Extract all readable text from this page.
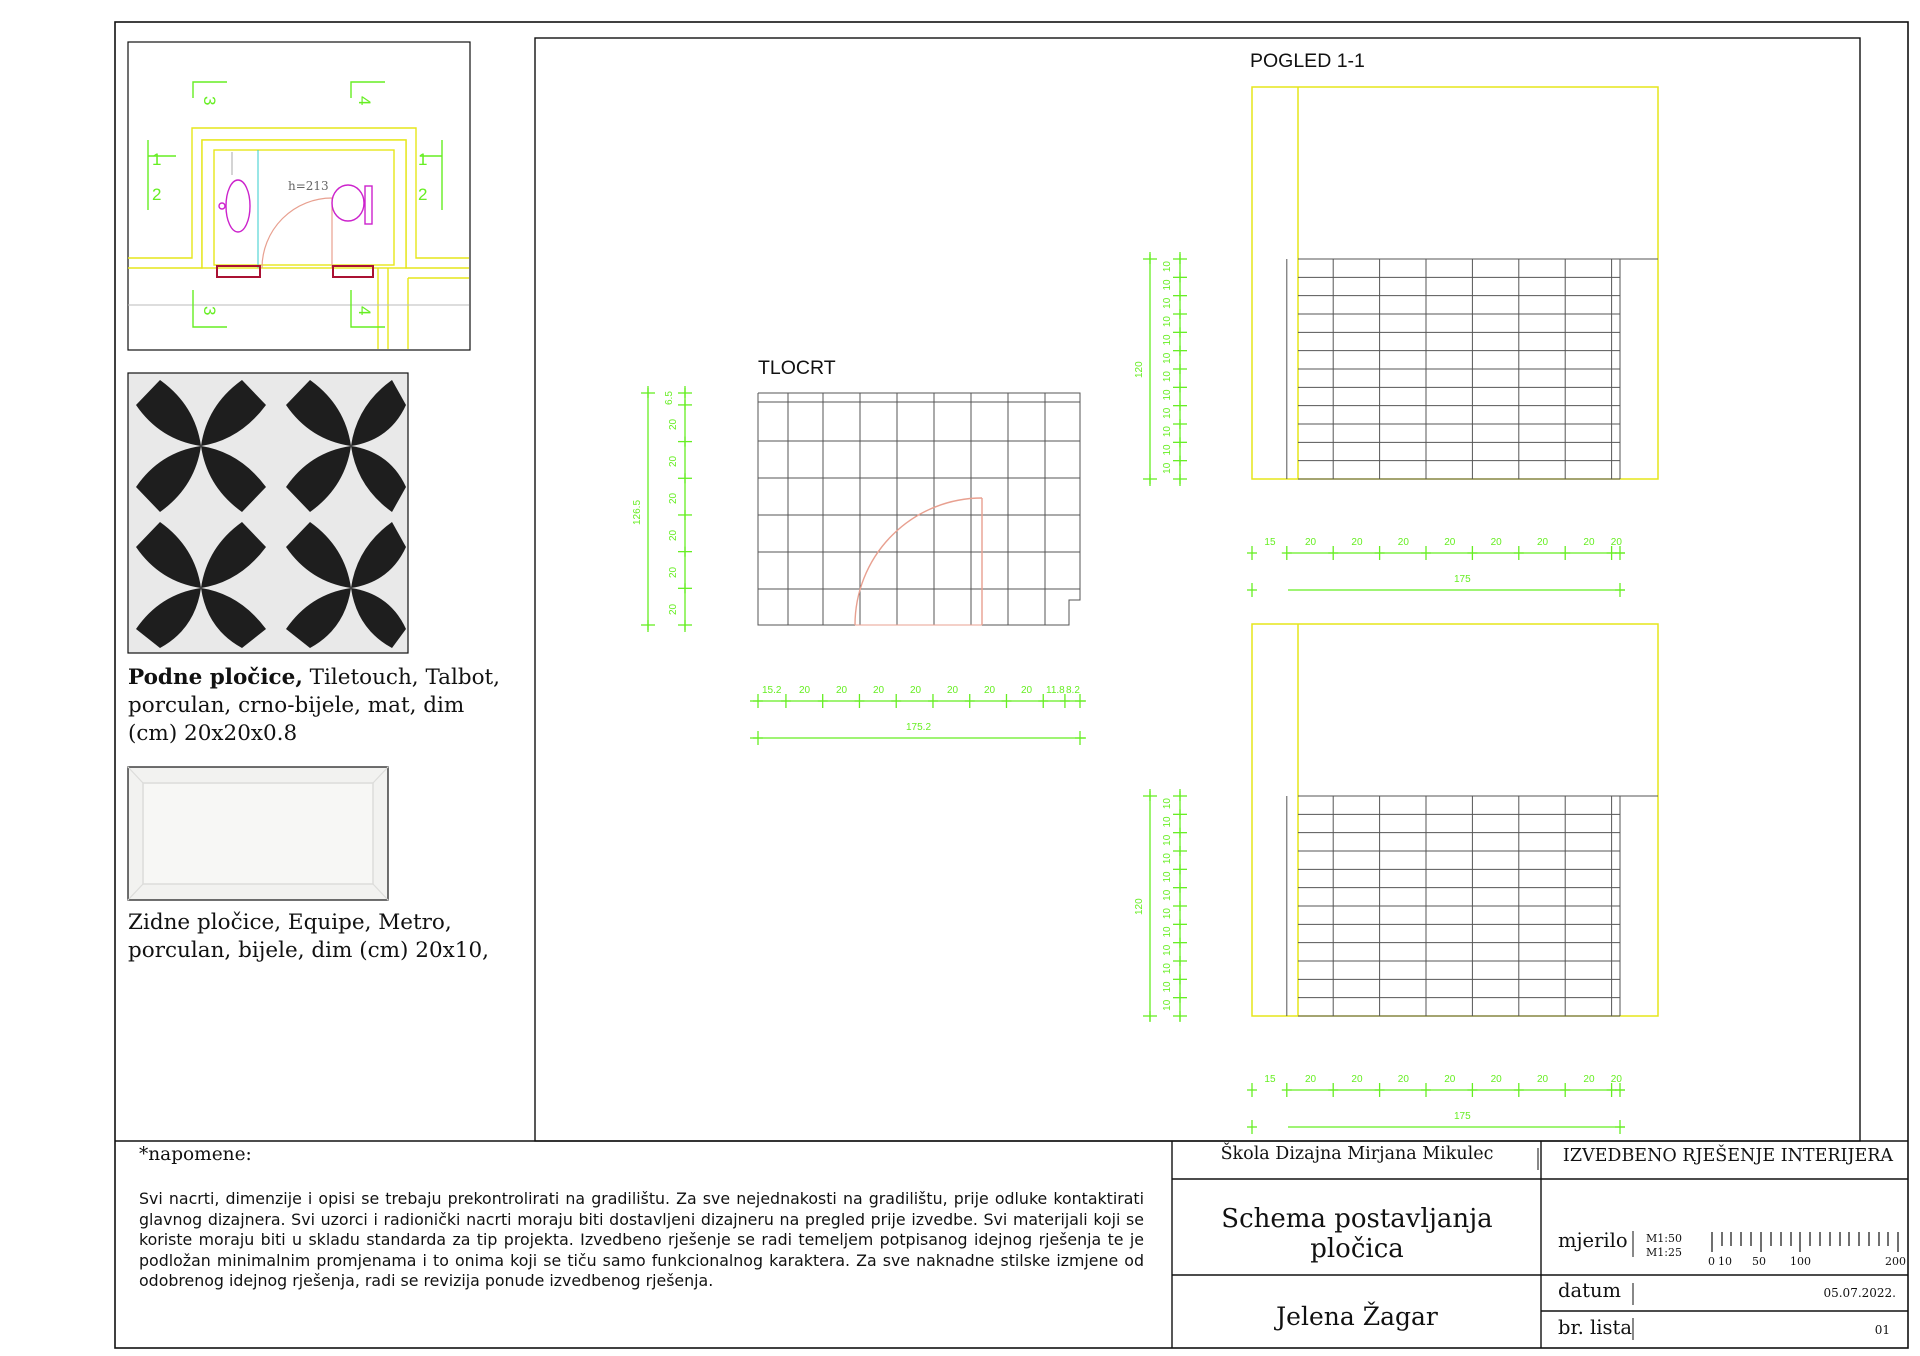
0 10 50 100	200
h=213
1
2
1
2
3	4
3	4
6.5
20
20
20
20
20
20
126.5
15.2 20	20	20	20	20	20	20 11.8 8.2
175.2
120
120
175
175
10
10
10
10
10
10
10
10
10
10
10
10
15	20	20	20	20	20	20	20 20
10
10
10
10
10
10
10
10
10
10
10
10
15	20	20	20	20	20	20	20 20
TLOCRT
POGLED 1-1
Podne pločice, Tiletouch, Talbot, porculan, crno-bijele, mat, dim (cm) 20x20x0.8
Zidne pločice, Equipe, Metro, porculan, bijele, dim (cm) 20x10,
*napomene:
Svi nacrti, dimenzije i opisi se trebaju prekontrolirati na gradilištu. Za sve nejednakosti na gradilištu, prije odluke kontaktirati glavnog dizajnera. Svi uzorci i radionički nacrti moraju biti dostavljeni dizajneru na pregled prije izvedbe. Svi materijali koji se koriste moraju biti u skladu standarda za tip projekta. Izvedbeno rješenje se radi temeljem potpisanog idejnog rješenja te je podložan minimalnim promjenama i to onima koji se tiču samo funkcionalnog karaktera. Za sve naknadne stilske izmjene od odobrenog idejnog rješenja, radi se revizija ponude izvedbenog rješenja.
Škola Dizajna Mirjana Mikulec	IZVEDBENO RJEŠENJE INTERIJERA
Schema postavljanja pločica
Jelena Žagar
mjerilo M1:50
M1:25
datum	05.07.2022.
br. lista	01
